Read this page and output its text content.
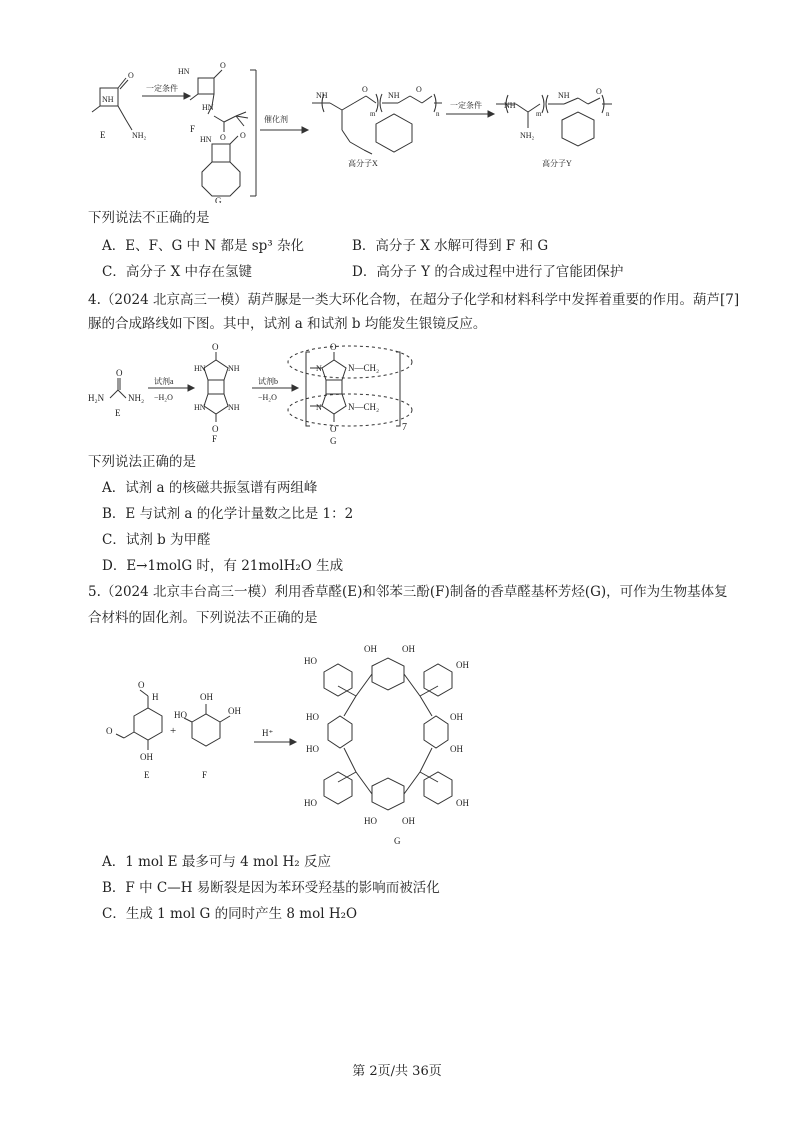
NH
O
NH₂
E
一定条件
HN
O
HN
O
F
HN	O
G
催化剂
NH
O
m
NH
O
n
高分子X
一定条件	NH
m
NH	O
n
NH₂
高分子Y
下列说法不正确的是
A．E、F、G 中 N 都是 sp³ 杂化	B．高分子 X 水解可得到 F 和 G
C．高分子 X 中存在氢键	D．高分子 Y 的合成过程中进行了官能团保护
4.（2024 北京高三一模）葫芦脲是一类大环化合物，在超分子化学和材料科学中发挥着重要的作用。葫芦[7]
脲的合成路线如下图。其中，试剂 a 和试剂 b 均能发生银镜反应。
H₂N	NH₂
O
E
试剂a
−H₂O
O
HN	NH
HN	NH
O
F
试剂b
−H₂O
O
N—CH₂
N—CH₂
N
N
O	7
G
下列说法正确的是
A．试剂 a 的核磁共振氢谱有两组峰
B．E 与试剂 a 的化学计量数之比是 1：2
C．试剂 b 为甲醛
D．E→1molG 时，有 21molH₂O 生成
5.（2024 北京丰台高三一模）利用香草醛(E)和邻苯三酚(F)制备的香草醛基杯芳烃(G)，可作为生物基体复
合材料的固化剂。下列说法不正确的是
O
H
O
OH
E
+
OH
OH
HO
F
H⁺
HO
OH	OH
OH
HO	OH
HO	OH
HO
HO	OH
OH
G
A．1 mol E 最多可与 4 mol H₂ 反应
B．F 中 C—H 易断裂是因为苯环受羟基的影响而被活化
C．生成 1 mol G 的同时产生 8 mol H₂O
第 2页/共 36页
